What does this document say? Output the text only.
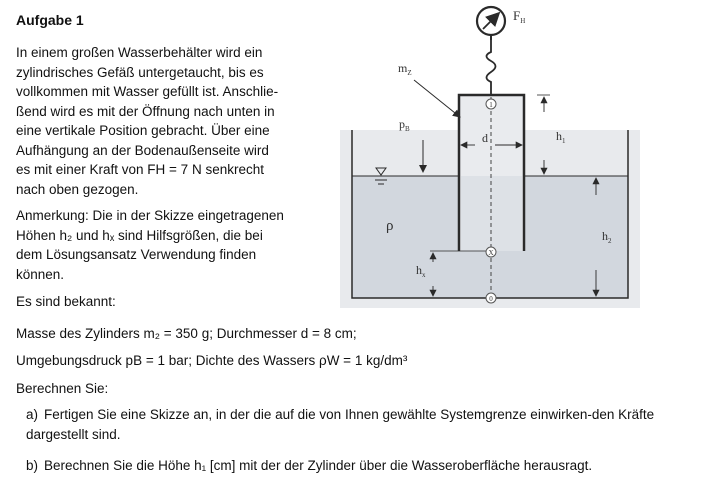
Aufgabe 1
In einem großen Wasserbehälter wird ein
zylindrisches Gefäß untergetaucht, bis es
vollkommen mit Wasser gefüllt ist. Anschlie-
ßend wird es mit der Öffnung nach unten in
eine vertikale Position gebracht. Über eine
Aufhängung an der Bodenaußenseite wird
es mit einer Kraft von FH = 7 N senkrecht
nach oben gezogen.
Anmerkung: Die in der Skizze eingetragenen
Höhen h₂ und hₓ sind Hilfsgrößen, die bei
dem Lösungsansatz Verwendung finden
können.
Es sind bekannt:
Masse des Zylinders m₂ = 350 g; Durchmesser d = 8 cm;
Umgebungsdruck pB = 1 bar; Dichte des Wassers ρW = 1 kg/dm³
Berechnen Sie:
a) Fertigen Sie eine Skizze an, in der die auf die von Ihnen gewählte Systemgrenze einwirken-den Kräfte dargestellt sind.
b) Berechnen Sie die Höhe h₁ [cm] mit der der Zylinder über die Wasseroberfläche herausragt.
$F_H$
$m_Z$
$p_B$
ρ
d	$h_1$
$h_2$
$h_x$
1
X
0
